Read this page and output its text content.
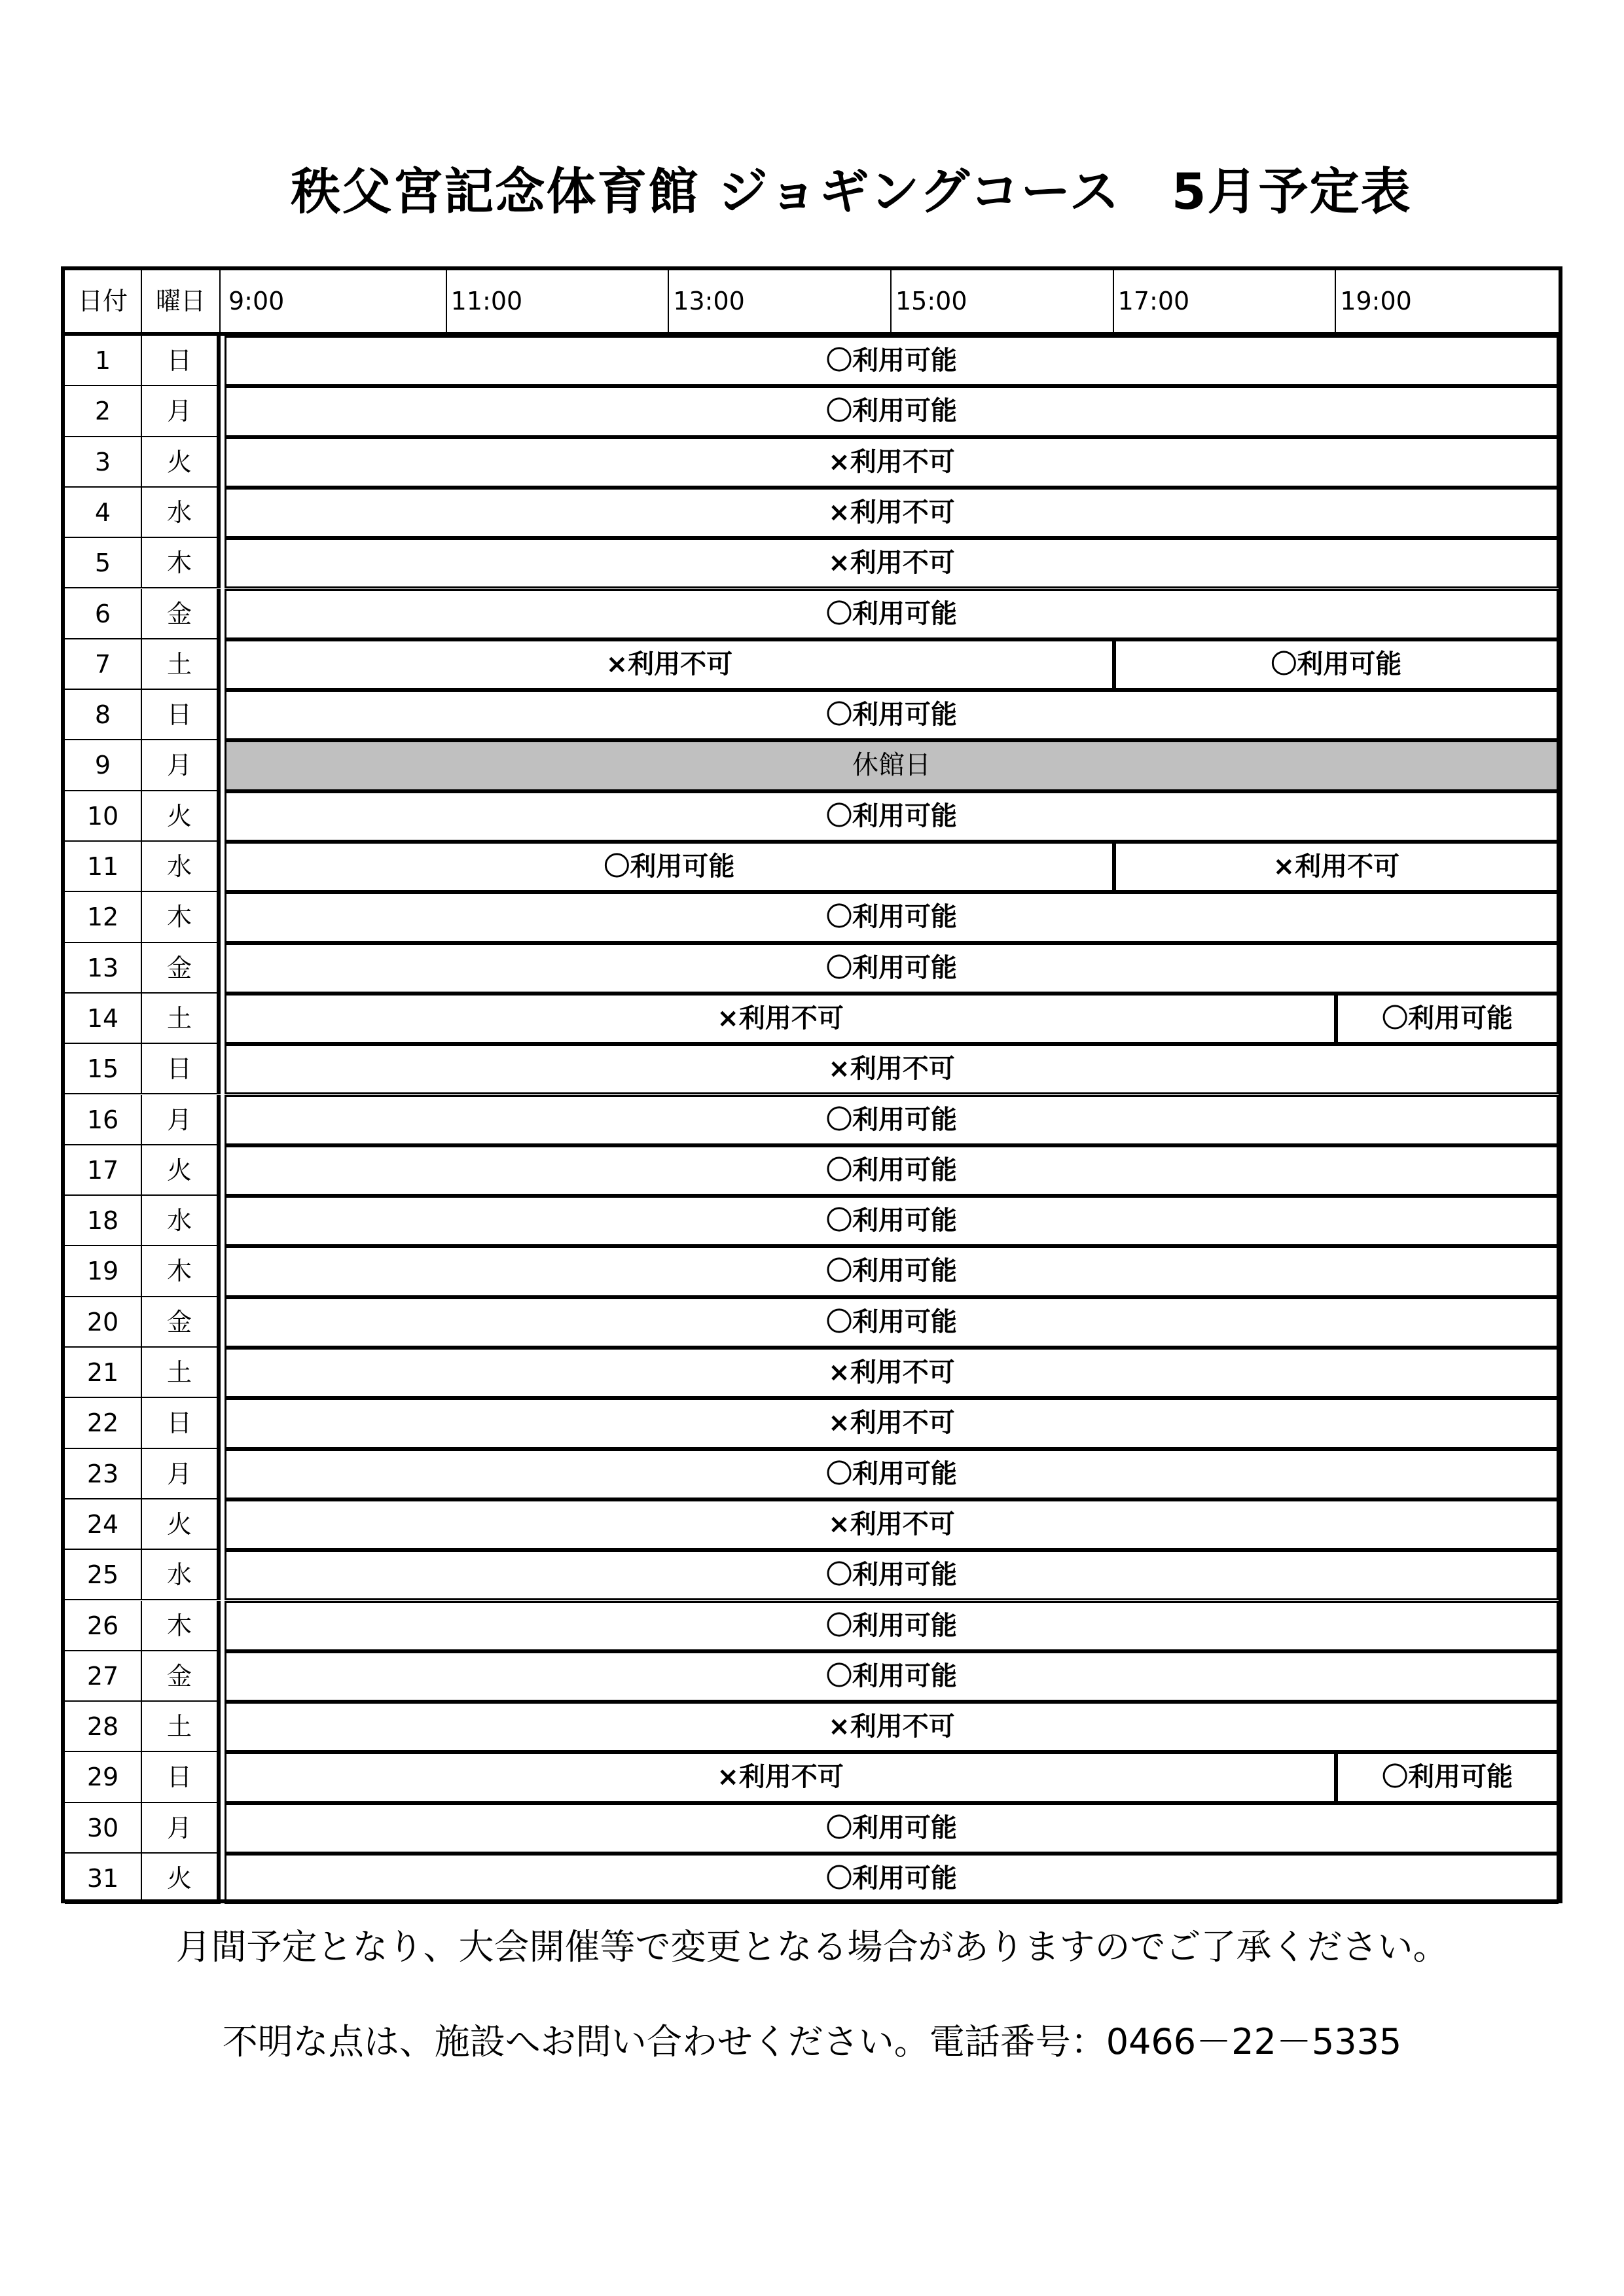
秩父宮記念体育館 ジョギングコース　5月予定表
日付	曜日 9:00	11:00	13:00	15:00	17:00	19:00
1	日	〇利用可能
2	月	〇利用可能
3	火	×利用不可
4	水	×利用不可
5	木	×利用不可
6	金	〇利用可能
7	土	×利用不可	〇利用可能
8	日	〇利用可能
9	月	休館日
10	火	〇利用可能
11	水	〇利用可能	×利用不可
12	木	〇利用可能
13	金	〇利用可能
14	土	×利用不可	〇利用可能
15	日	×利用不可
16	月	〇利用可能
17	火	〇利用可能
18	水	〇利用可能
19	木	〇利用可能
20	金	〇利用可能
21	土	×利用不可
22	日	×利用不可
23	月	〇利用可能
24	火	×利用不可
25	水	〇利用可能
26	木	〇利用可能
27	金	〇利用可能
28	土	×利用不可
29	日	×利用不可	〇利用可能
30	月	〇利用可能
31	火	〇利用可能
月間予定となり、大会開催等で変更となる場合がありますのでご了承ください。
不明な点は、施設へお問い合わせください。電話番号：0466－22－5335
